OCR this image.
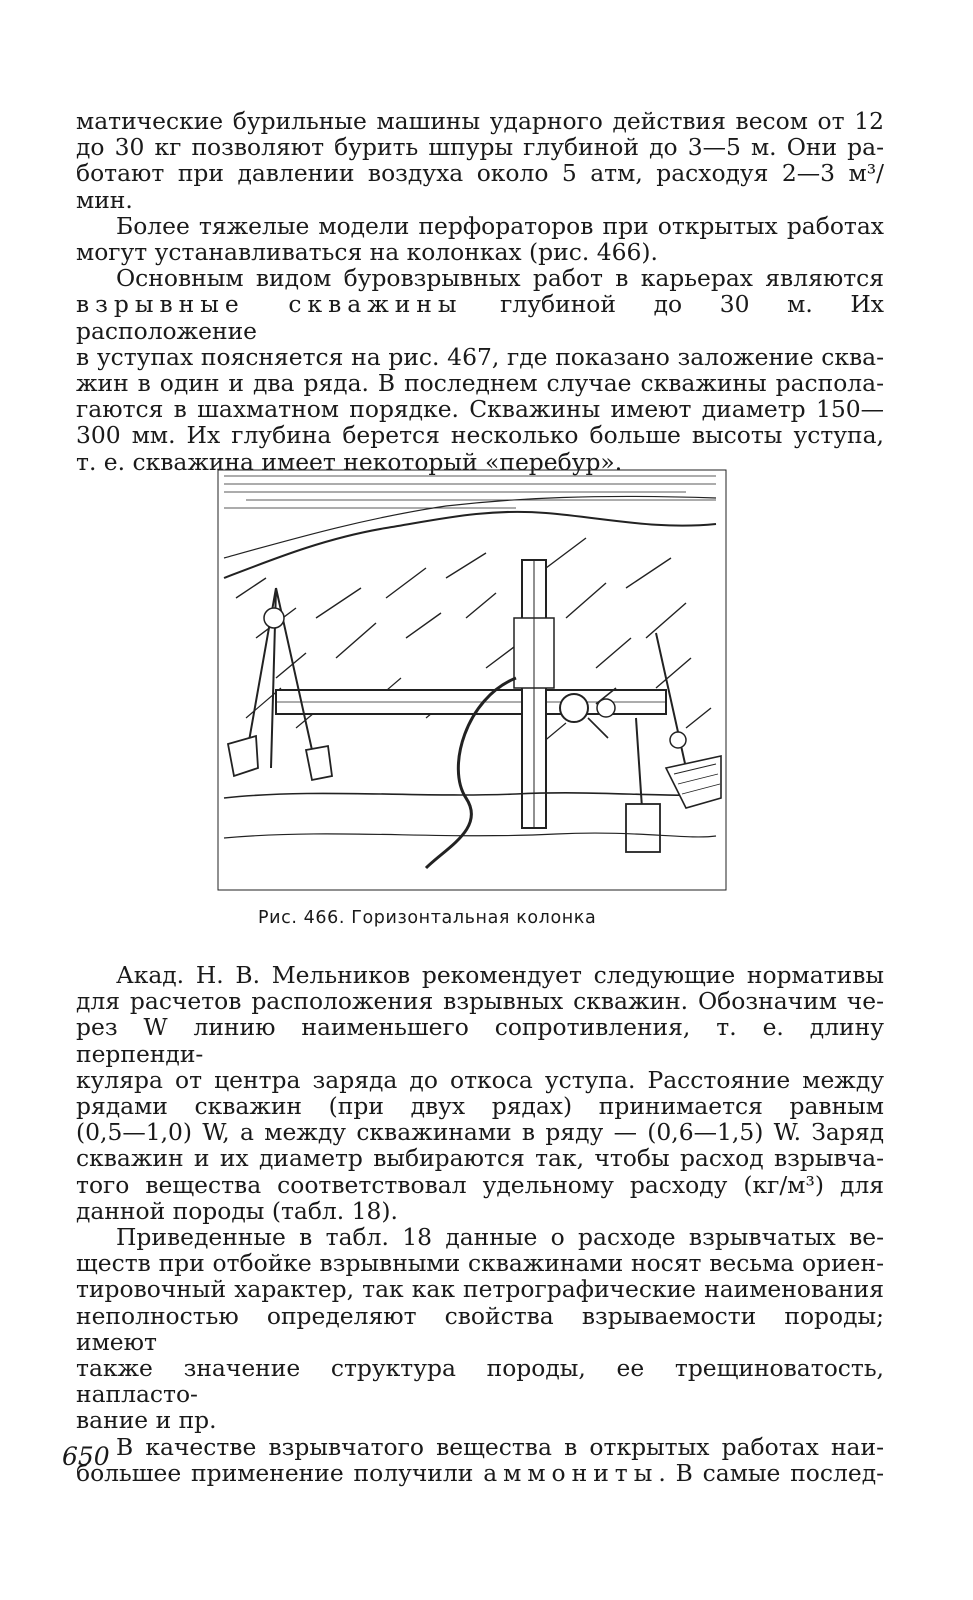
матические бурильные машины ударного действия весом от 12

до 30 кг позволяют бурить шпуры глубиной до 3—5 м. Они ра-

ботают при давлении воздуха около 5 атм, расходуя 2—3 м³/мин.

Более тяжелые модели перфораторов при открытых работах

могут устанавливаться на колонках (рис. 466).

Основным видом буровзрывных работ в карьерах являются

взрывные скважины глубиной до 30 м. Их расположение

в уступах поясняется на рис. 467, где показано заложение сква-

жин в один и два ряда. В последнем случае скважины распола-

гаются в шахматном порядке. Скважины имеют диаметр 150—

300 мм. Их глубина берется несколько больше высоты уступа,

т. е. скважина имеет некоторый «перебур».

Рис. 466. Горизонтальная колонка

Акад. Н. В. Мельников рекомендует следующие нормативы

для расчетов расположения взрывных скважин. Обозначим че-

рез W линию наименьшего сопротивления, т. е. длину перпенди-

куляра от центра заряда до откоса уступа. Расстояние между

рядами скважин (при двух рядах) принимается равным

(0,5—1,0) W, а между скважинами в ряду — (0,6—1,5) W. Заряд

скважин и их диаметр выбираются так, чтобы расход взрывча-

того вещества соответствовал удельному расходу (кг/м³) для

данной породы (табл. 18).

Приведенные в табл. 18 данные о расходе взрывчатых ве-

ществ при отбойке взрывными скважинами носят весьма ориен-

тировочный характер, так как петрографические наименования

неполностью определяют свойства взрываемости породы; имеют

также значение структура породы, ее трещиноватость, напласто-

вание и пр.

В качестве взрывчатого вещества в открытых работах наи-

большее применение получили аммониты. В самые послед-

650
